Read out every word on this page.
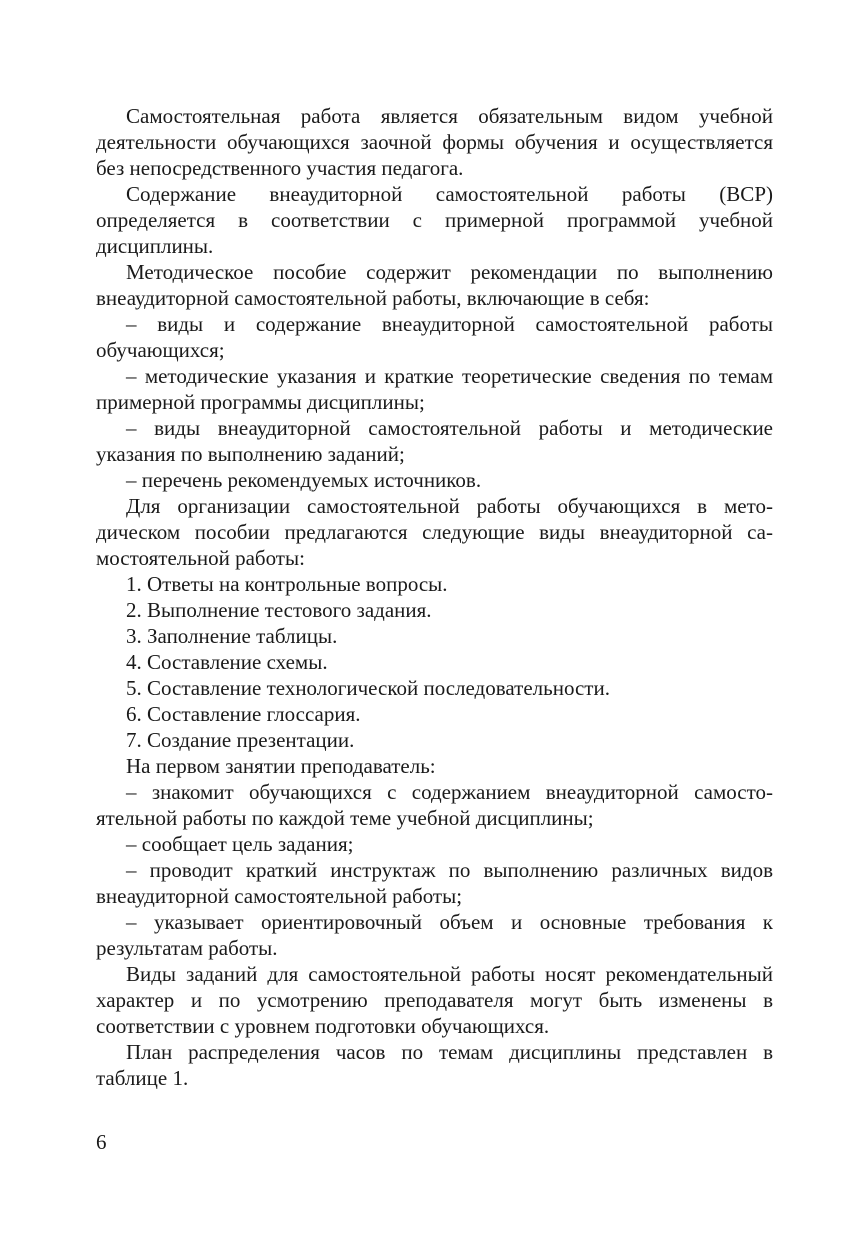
Самостоятельная работа является обязательным видом учебной деятельности обучающихся заочной формы обучения и осуществляется без непосредственного участия педагога.

Содержание внеаудиторной самостоятельной работы (ВСР) определяется в соответствии с примерной программой учебной дисциплины.

Методическое пособие содержит рекомендации по выполнению внеаудиторной самостоятельной работы, включающие в себя:

– виды и содержание внеаудиторной самостоятельной работы обучающихся;

– методические указания и краткие теоретические сведения по темам примерной программы дисциплины;

– виды внеаудиторной самостоятельной работы и методические указания по выполнению заданий;

– перечень рекомендуемых источников.

Для организации самостоятельной работы обучающихся в методическом пособии предлагаются следующие виды внеаудиторной самостоятельной работы:

1. Ответы на контрольные вопросы.

2. Выполнение тестового задания.

3. Заполнение таблицы.

4. Составление схемы.

5. Составление технологической последовательности.

6. Составление глоссария.

7. Создание презентации.

На первом занятии преподаватель:

– знакомит обучающихся с содержанием внеаудиторной самостоятельной работы по каждой теме учебной дисциплины;

– сообщает цель задания;

– проводит краткий инструктаж по выполнению различных видов внеаудиторной самостоятельной работы;

– указывает ориентировочный объем и основные требования к результатам работы.

Виды заданий для самостоятельной работы носят рекомендательный характер и по усмотрению преподавателя могут быть изменены в соответствии с уровнем подготовки обучающихся.

План распределения часов по темам дисциплины представлен в таблице 1.

6
